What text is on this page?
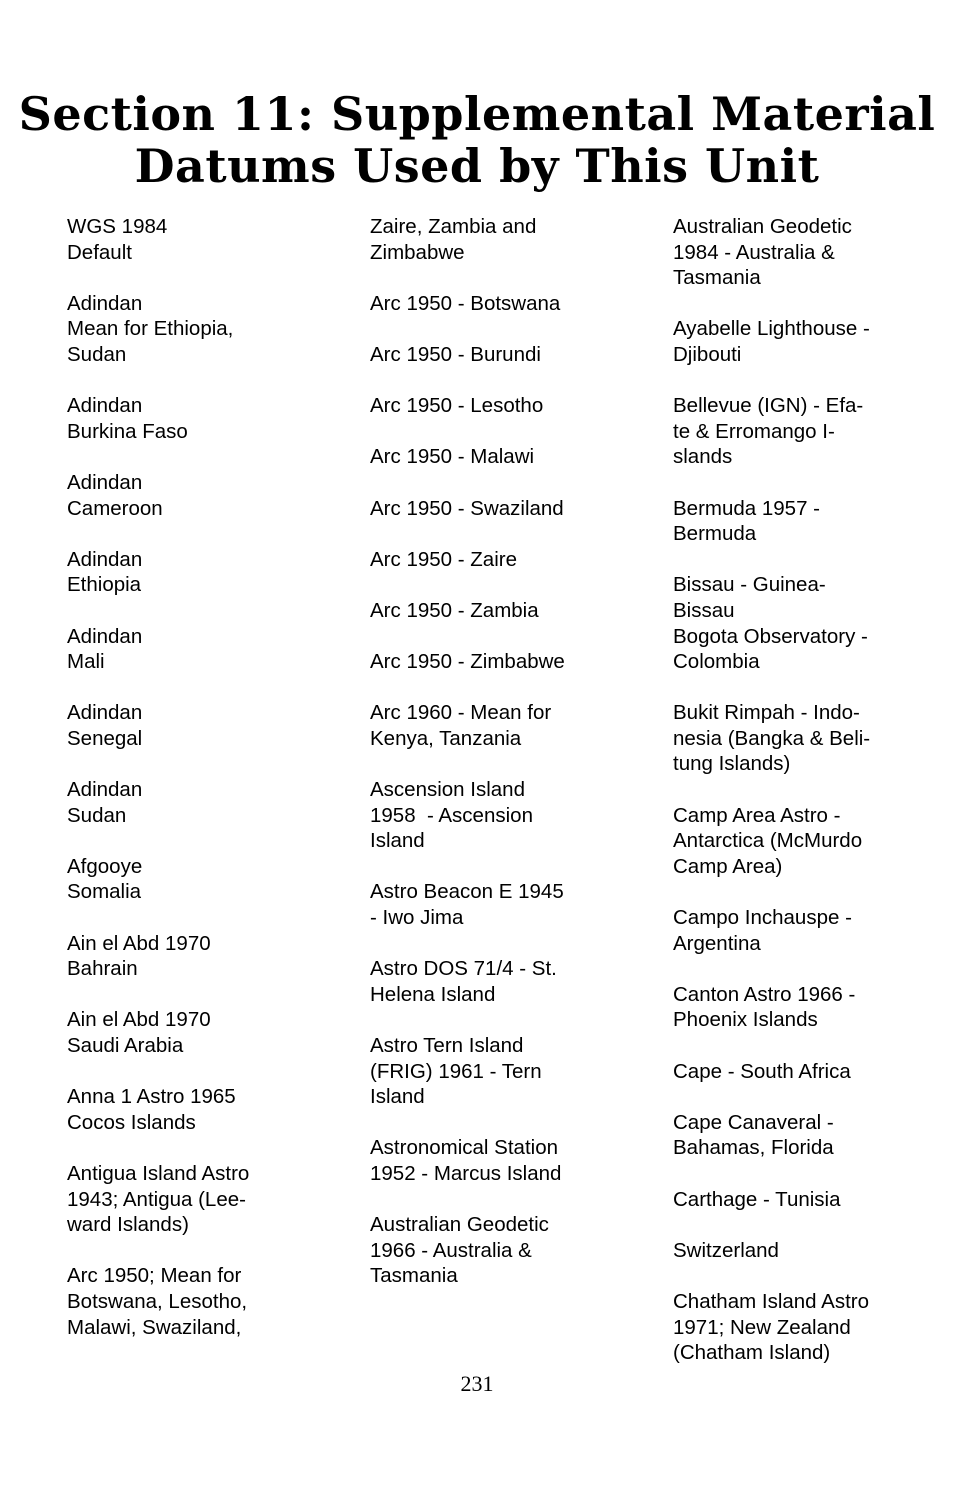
Section 11: Supplemental Material
Datums Used by This Unit
WGS 1984
Default
Adindan
Mean for Ethiopia,
Sudan
Adindan
Burkina Faso
Adindan
Cameroon
Adindan
Ethiopia
Adindan
Mali
Adindan
Senegal
Adindan
Sudan
Afgooye
Somalia
Ain el Abd 1970
Bahrain
Ain el Abd 1970
Saudi Arabia
Anna 1 Astro 1965
Cocos Islands
Antigua Island Astro
1943; Antigua (Lee-
ward Islands)
Arc 1950; Mean for
Botswana, Lesotho,
Malawi, Swaziland,
Zaire, Zambia and
Zimbabwe
Arc 1950 - Botswana
Arc 1950 - Burundi
Arc 1950 - Lesotho
Arc 1950 - Malawi
Arc 1950 - Swaziland
Arc 1950 - Zaire
Arc 1950 - Zambia
Arc 1950 - Zimbabwe
Arc 1960 - Mean for
Kenya, Tanzania
Ascension Island
1958  - Ascension
Island
Astro Beacon E 1945
- Iwo Jima
Astro DOS 71/4 - St.
Helena Island
Astro Tern Island
(FRIG) 1961 - Tern
Island
Astronomical Station
1952 - Marcus Island
Australian Geodetic
1966 - Australia &
Tasmania
Australian Geodetic
1984 - Australia &
Tasmania
Ayabelle Lighthouse -
Djibouti
Bellevue (IGN) - Efa-
te & Erromango I-
slands
Bermuda 1957 -
Bermuda
Bissau - Guinea-
Bissau
Bogota Observatory -
Colombia
Bukit Rimpah - Indo-
nesia (Bangka & Beli-
tung Islands)
Camp Area Astro -
Antarctica (McMurdo
Camp Area)
Campo Inchauspe -
Argentina
Canton Astro 1966 -
Phoenix Islands
Cape - South Africa
Cape Canaveral -
Bahamas, Florida
Carthage - Tunisia
Switzerland
Chatham Island Astro
1971; New Zealand
(Chatham Island)
231
